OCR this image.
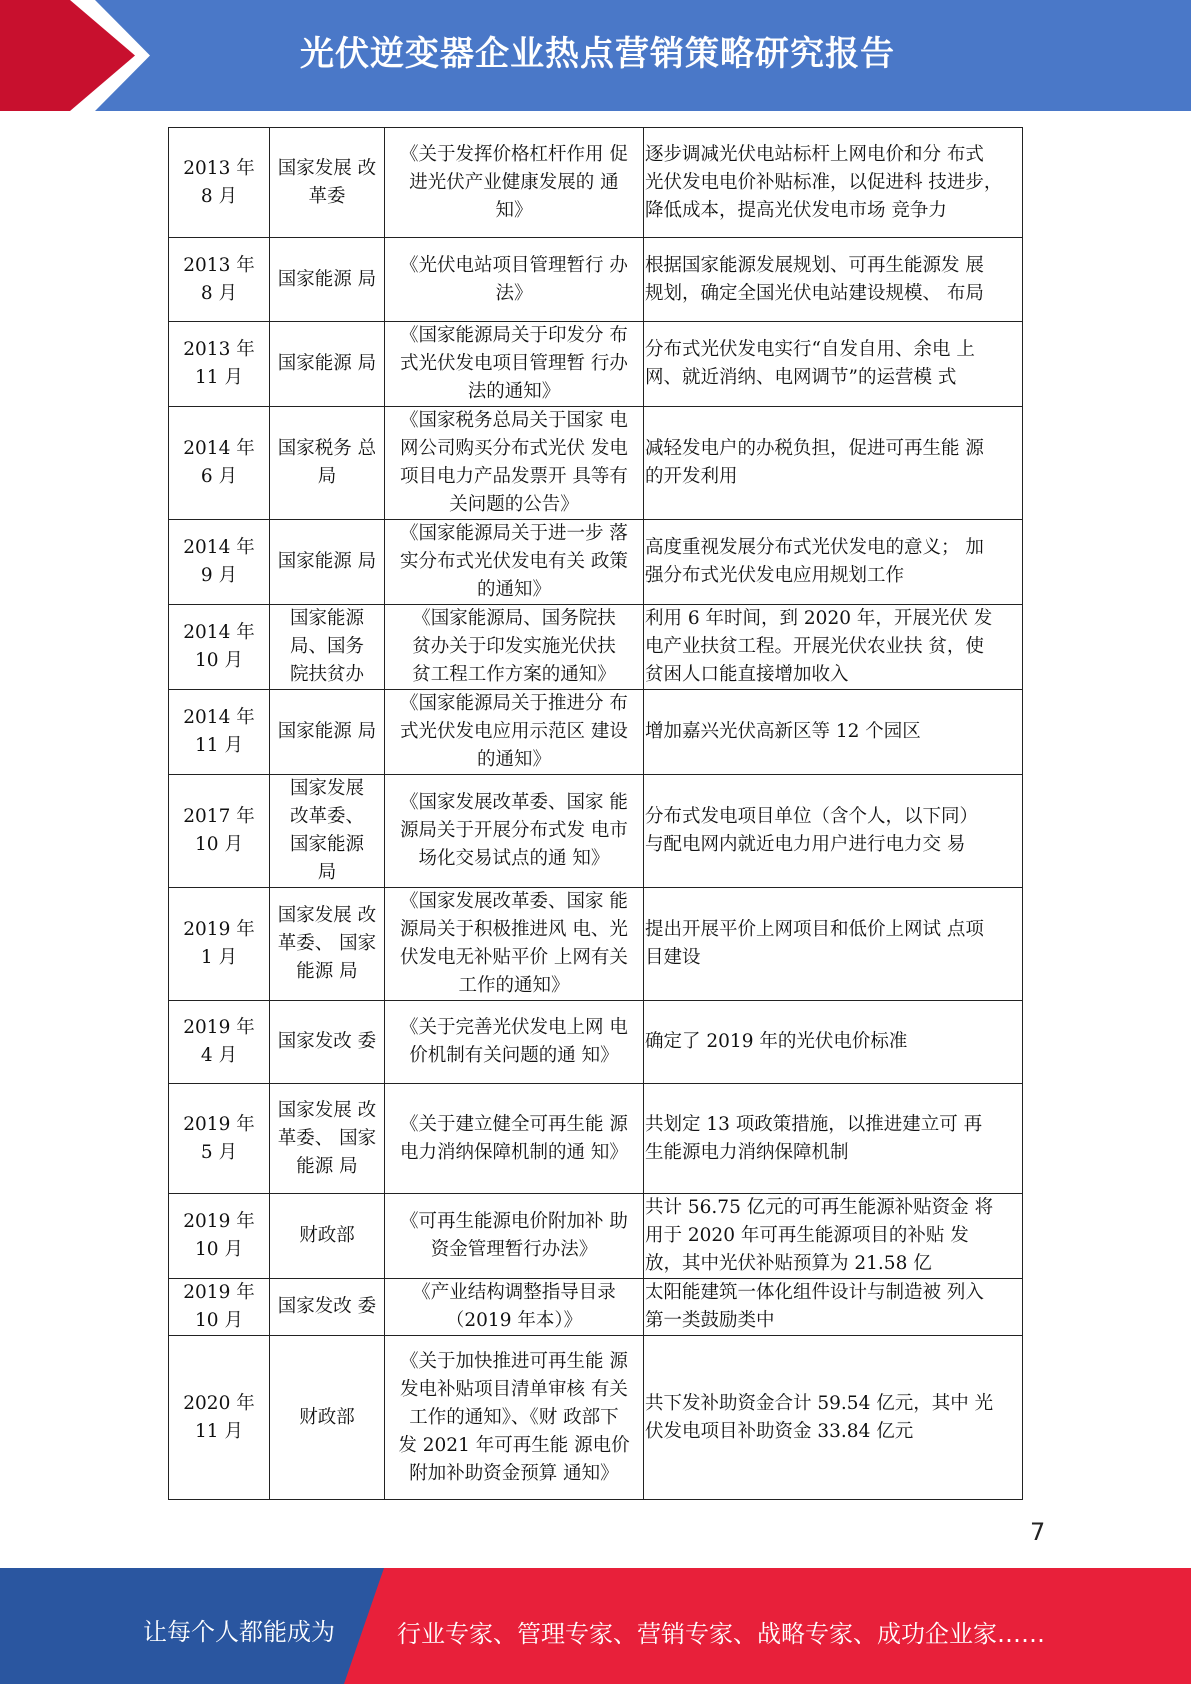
光伏逆变器企业热点营销策略研究报告
2013 年
8 月	国家发展 改
革委	《关于发挥价格杠杆作用 促
进光伏产业健康发展的 通
知》	逐步调减光伏电站标杆上网电价和分 布式
光伏发电电价补贴标准，以促进科 技进步，
降低成本，提高光伏发电市场 竞争力
2013 年
8 月	国家能源 局	《光伏电站项目管理暂行 办
法》	根据国家能源发展规划、可再生能源发 展
规划，确定全国光伏电站建设规模、 布局
2013 年
11 月	国家能源 局	《国家能源局关于印发分 布
式光伏发电项目管理暂 行办
法的通知》	分布式光伏发电实行“自发自用、余电 上
网、就近消纳、电网调节”的运营模 式
2014 年
6 月	国家税务 总
局	《国家税务总局关于国家 电
网公司购买分布式光伏 发电
项目电力产品发票开 具等有
关问题的公告》	减轻发电户的办税负担，促进可再生能 源
的开发利用
2014 年
9 月	国家能源 局	《国家能源局关于进一步 落
实分布式光伏发电有关 政策
的通知》	高度重视发展分布式光伏发电的意义； 加
强分布式光伏发电应用规划工作
2014 年
10 月	国家能源
局、国务
院扶贫办	《国家能源局、国务院扶
贫办关于印发实施光伏扶
贫工程工作方案的通知》	利用 6 年时间，到 2020 年，开展光伏 发
电产业扶贫工程。开展光伏农业扶 贫，使
贫困人口能直接增加收入
2014 年
11 月	国家能源 局	《国家能源局关于推进分 布
式光伏发电应用示范区 建设
的通知》	增加嘉兴光伏高新区等 12 个园区
2017 年
10 月	国家发展
改革委、
国家能源
局	《国家发展改革委、国家 能
源局关于开展分布式发 电市
场化交易试点的通 知》	分布式发电项目单位（含个人，以下同）
与配电网内就近电力用户进行电力交 易
2019 年
1 月	国家发展 改
革委、 国家
能源 局	《国家发展改革委、国家 能
源局关于积极推进风 电、光
伏发电无补贴平价 上网有关
工作的通知》	提出开展平价上网项目和低价上网试 点项
目建设
2019 年
4 月	国家发改 委	《关于完善光伏发电上网 电
价机制有关问题的通 知》	确定了 2019 年的光伏电价标准
2019 年
5 月	国家发展 改
革委、 国家
能源 局	《关于建立健全可再生能 源
电力消纳保障机制的通 知》	共划定 13 项政策措施，以推进建立可 再
生能源电力消纳保障机制
2019 年
10 月	财政部	《可再生能源电价附加补 助
资金管理暂行办法》	共计 56.75 亿元的可再生能源补贴资金 将
用于 2020 年可再生能源项目的补贴 发
放，其中光伏补贴预算为 21.58 亿
2019 年
10 月	国家发改 委	《产业结构调整指导目录
（2019 年本）》	太阳能建筑一体化组件设计与制造被 列入
第一类鼓励类中
2020 年
11 月	财政部	《关于加快推进可再生能 源
发电补贴项目清单审核 有关
工作的通知》、《财 政部下
发 2021 年可再生能 源电价
附加补助资金预算 通知》	共下发补助资金合计 59.54 亿元，其中 光
伏发电项目补助资金 33.84 亿元
7
让每个人都能成为	行业专家、管理专家、营销专家、战略专家、成功企业家……
